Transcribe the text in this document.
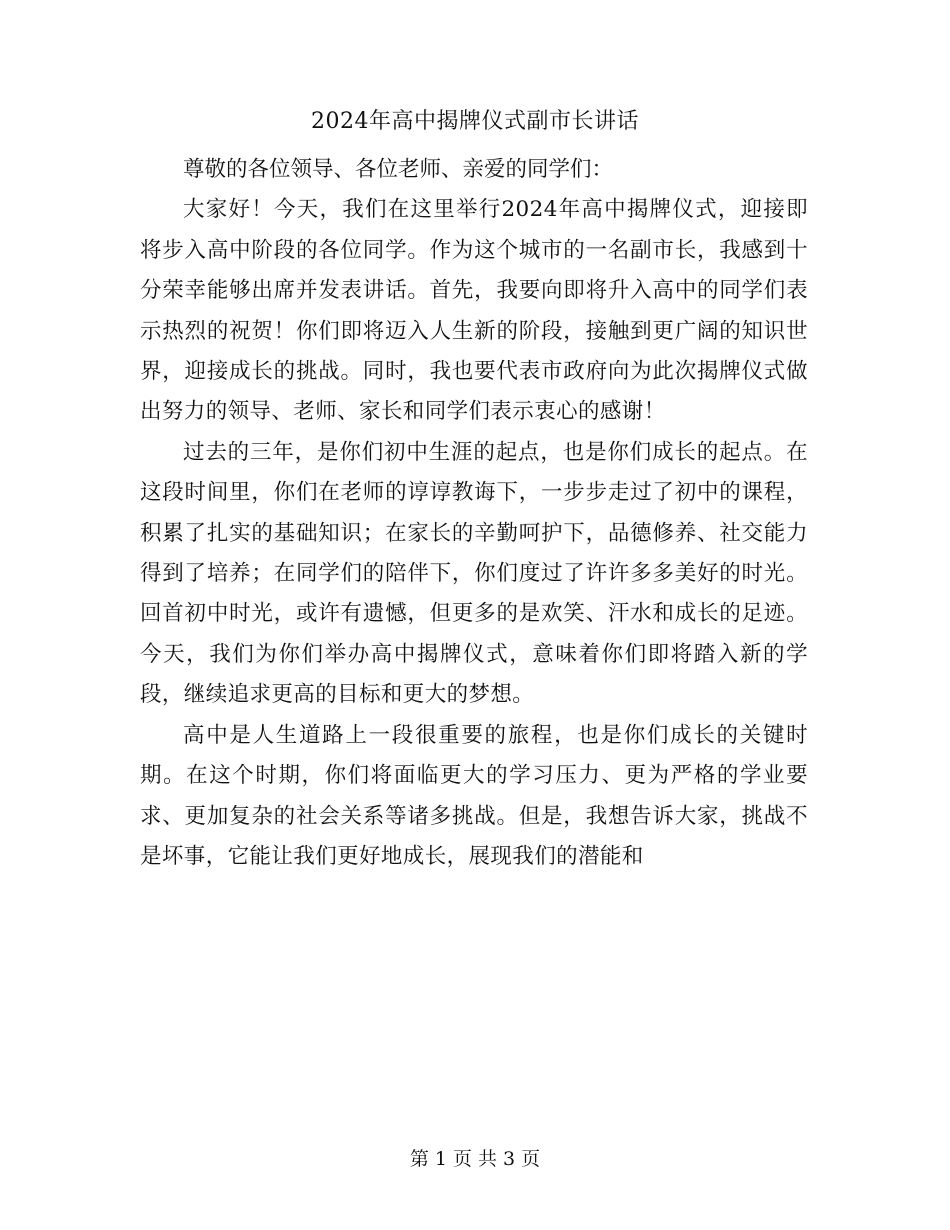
2024年高中揭牌仪式副市长讲话

尊敬的各位领导、各位老师、亲爱的同学们：

大家好！今天，我们在这里举行2024年高中揭牌仪式，迎接即将步入高中阶段的各位同学。作为这个城市的一名副市长，我感到十分荣幸能够出席并发表讲话。首先，我要向即将升入高中的同学们表示热烈的祝贺！你们即将迈入人生新的阶段，接触到更广阔的知识世界，迎接成长的挑战。同时，我也要代表市政府向为此次揭牌仪式做出努力的领导、老师、家长和同学们表示衷心的感谢！

过去的三年，是你们初中生涯的起点，也是你们成长的起点。在这段时间里，你们在老师的谆谆教诲下，一步步走过了初中的课程，积累了扎实的基础知识；在家长的辛勤呵护下，品德修养、社交能力得到了培养；在同学们的陪伴下，你们度过了许许多多美好的时光。回首初中时光，或许有遗憾，但更多的是欢笑、汗水和成长的足迹。今天，我们为你们举办高中揭牌仪式，意味着你们即将踏入新的学段，继续追求更高的目标和更大的梦想。

高中是人生道路上一段很重要的旅程，也是你们成长的关键时期。在这个时期，你们将面临更大的学习压力、更为严格的学业要求、更加复杂的社会关系等诸多挑战。但是，我想告诉大家，挑战不是坏事，它能让我们更好地成长，展现我们的潜能和

第 1 页 共 3 页
